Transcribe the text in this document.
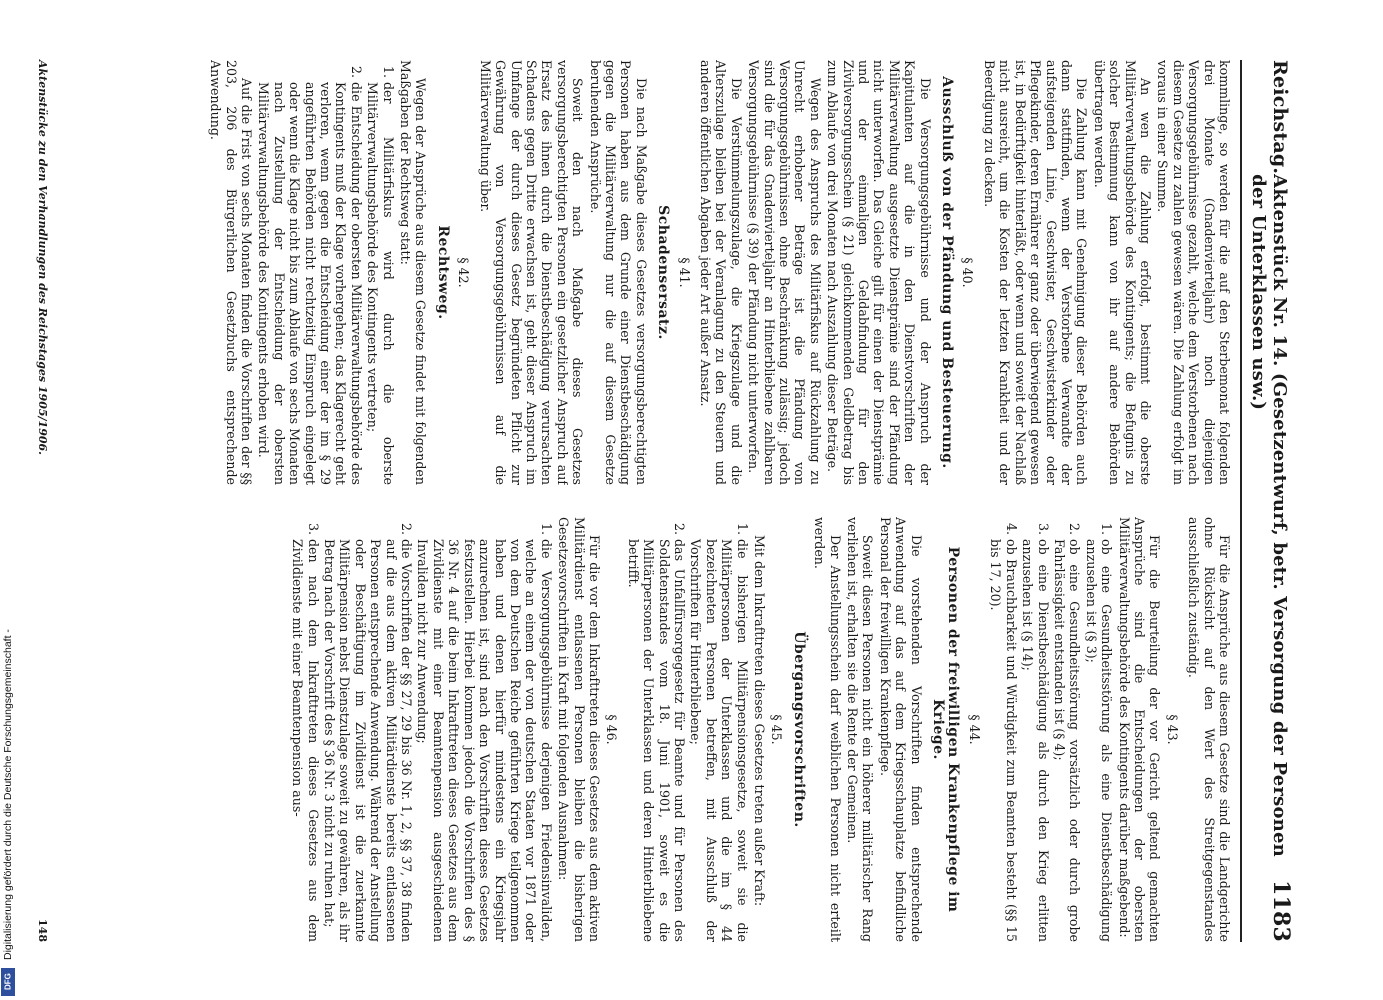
Reichstag.
Aktenstück Nr. 14. (Gesetzentwurf, betr. Versorgung der Personen der Unterklassen usw.)
1183

kommlinge, so werden für die auf den Sterbemonat folgenden drei Monate (Gnadenvierteljahr) noch diejenigen Versorgungsgebührnisse gezahlt, welche dem Verstorbenen nach diesem Gesetze zu zahlen gewesen wären. Die Zahlung erfolgt im voraus in einer Summe.

An wen die Zahlung erfolgt, bestimmt die oberste Militärverwaltungsbehörde des Kontingents; die Befugnis zu solcher Bestimmung kann von ihr auf andere Behörden übertragen werden.

Die Zahlung kann mit Genehmigung dieser Behörden auch dann stattfinden, wenn der Verstorbene Verwandte der aufsteigenden Linie, Geschwister, Geschwisterkinder oder Pflegekinder, deren Ernährer er ganz oder überwiegend gewesen ist, in Bedürftigkeit hinterläßt, oder wenn und soweit der Nachlaß nicht ausreicht, um die Kosten der letzten Krankheit und der Beerdigung zu decken.

§ 40.
Ausschluß von der Pfändung und Besteuerung.

Die Versorgungsgebührnisse und der Anspruch der Kapitulanten auf die in den Dienstvorschriften der Militärverwaltung ausgesetzte Dienstprämie sind der Pfändung nicht unterworfen. Das Gleiche gilt für einen der Dienstprämie und der einmaligen Geldabfindung für den Zivilversorgungsschein (§ 21) gleichkommenden Geldbetrag bis zum Ablaufe von drei Monaten nach Auszahlung dieser Beträge.

Wegen des Anspruchs des Militärfiskus auf Rückzahlung zu Unrecht erhobener Beträge ist die Pfändung von Versorgungsgebührnissen ohne Beschränkung zulässig; jedoch sind die für das Gnadenvierteljahr an Hinterbliebene zahlbaren Versorgungsgebührnisse (§ 39) der Pfändung nicht unterworfen.

Die Verstümmelungszulage, die Kriegszulage und die Alterszulage bleiben bei der Veranlagung zu den Steuern und anderen öffentlichen Abgaben jeder Art außer Ansatz.

§ 41.
Schadensersatz.

Die nach Maßgabe dieses Gesetzes versorgungsberechtigten Personen haben aus dem Grunde einer Dienstbeschädigung gegen die Militärverwaltung nur die auf diesem Gesetze beruhenden Ansprüche.

Soweit den nach Maßgabe dieses Gesetzes versorgungsberechtigten Personen ein gesetzlicher Anspruch auf Ersatz des ihnen durch die Dienstbeschädigung verursachten Schadens gegen Dritte erwachsen ist, geht dieser Anspruch im Umfange der durch dieses Gesetz begründeten Pflicht zur Gewährung von Versorgungsgebührnissen auf die Militärverwaltung über.

§ 42.
Rechtsweg.

Wegen der Ansprüche aus diesem Gesetze findet mit folgenden Maßgaben der Rechtsweg statt:

1.
der Militärfiskus wird durch die oberste Militärverwaltungsbehörde des Kontingents vertreten;
2.
die Entscheidung der obersten Militärverwaltungsbehörde des Kontingents muß der Klage vorhergehen; das Klagerecht geht verloren, wenn gegen die Entscheidung einer der im § 29 angeführten Behörden nicht rechtzeitig Einspruch eingelegt oder wenn die Klage nicht bis zum Ablaufe von sechs Monaten nach Zustellung der Entscheidung der obersten Militärverwaltungsbehörde des Kontingents erhoben wird.

Auf die Frist von sechs Monaten finden die Vorschriften der §§ 203, 206 des Bürgerlichen Gesetzbuchs entsprechende Anwendung.

Für die Ansprüche aus diesem Gesetze sind die Landgerichte ohne Rücksicht auf den Wert des Streitgegenstandes ausschließlich zuständig.

§ 43.

Für die Beurteilung der vor Gericht geltend gemachten Ansprüche sind die Entscheidungen der obersten Militärverwaltungsbehörde des Kontingents darüber maßgebend:

1.
ob eine Gesundheitsstörung als eine Dienstbeschädigung anzusehen ist (§ 3);
2.
ob eine Gesundheitsstörung vorsätzlich oder durch grobe Fahrlässigkeit entstanden ist (§ 4);
3.
ob eine Dienstbeschädigung als durch den Krieg erlitten anzusehen ist (§ 14);
4.
ob Brauchbarkeit und Würdigkeit zum Beamten besteht (§§ 15 bis 17, 20).
§ 44.
Personen der freiwilligen Krankenpflege im Kriege.

Die vorstehenden Vorschriften finden entsprechende Anwendung auf das auf dem Kriegsschauplatze befindliche Personal der freiwilligen Krankenpflege.

Soweit diesen Personen nicht ein höherer militärischer Rang verliehen ist, erhalten sie die Rente der Gemeinen.

Der Anstellungsschein darf weiblichen Personen nicht erteilt werden.

Übergangsvorschriften.
§ 45.

Mit dem Inkrafttreten dieses Gesetzes treten außer Kraft:

1.
die bisherigen Militärpensionsgesetze, soweit sie die Militärpersonen der Unterklassen und die im § 44 bezeichneten Personen betreffen, mit Ausschluß der Vorschriften für Hinterbliebene;
2.
das Unfallfürsorgegesetz für Beamte und für Personen des Soldatenstandes vom 18. Juni 1901, soweit es die Militärpersonen der Unterklassen und deren Hinterbliebene betrifft.
§ 46.

Für die vor dem Inkrafttreten dieses Gesetzes aus dem aktiven Militärdienst entlassenen Personen bleiben die bisherigen Gesetzesvorschriften in Kraft mit folgenden Ausnahmen:

1.
die Versorgungsgebührnisse derjenigen Friedensinvaliden, welche an einem der von deutschen Staaten vor 1871 oder von dem Deutschen Reiche geführten Kriege teilgenommen haben und denen hierfür mindestens ein Kriegsjahr anzurechnen ist, sind nach den Vorschriften dieses Gesetzes festzustellen. Hierbei kommen jedoch die Vorschriften des § 36 Nr. 4 auf die beim Inkrafttreten dieses Gesetzes aus dem Zivildienste mit einer Beamtenpension ausgeschiedenen Invaliden nicht zur Anwendung;
2.
die Vorschriften der §§ 27, 29 bis 36 Nr. 1, 2, §§ 37, 38 finden auf die aus dem aktiven Militärdienste bereits entlassenen Personen entsprechende Anwendung. Während der Anstellung oder Beschäftigung im Zivildienst ist die zuerkannte Militärpension nebst Dienstzulage soweit zu gewähren, als ihr Betrag nach der Vorschrift des § 36 Nr. 3 nicht zu ruhen hat;
3.
den nach dem Inkrafttreten dieses Gesetzes aus dem Zivildienste mit einer Beamtenpension aus-
Aktenstücke zu den Verhandlungen des Reichstages 1905/1906.
148
Digitalisierung gefördert durch die Deutsche Forschungsgemeinschaft -
DFG
